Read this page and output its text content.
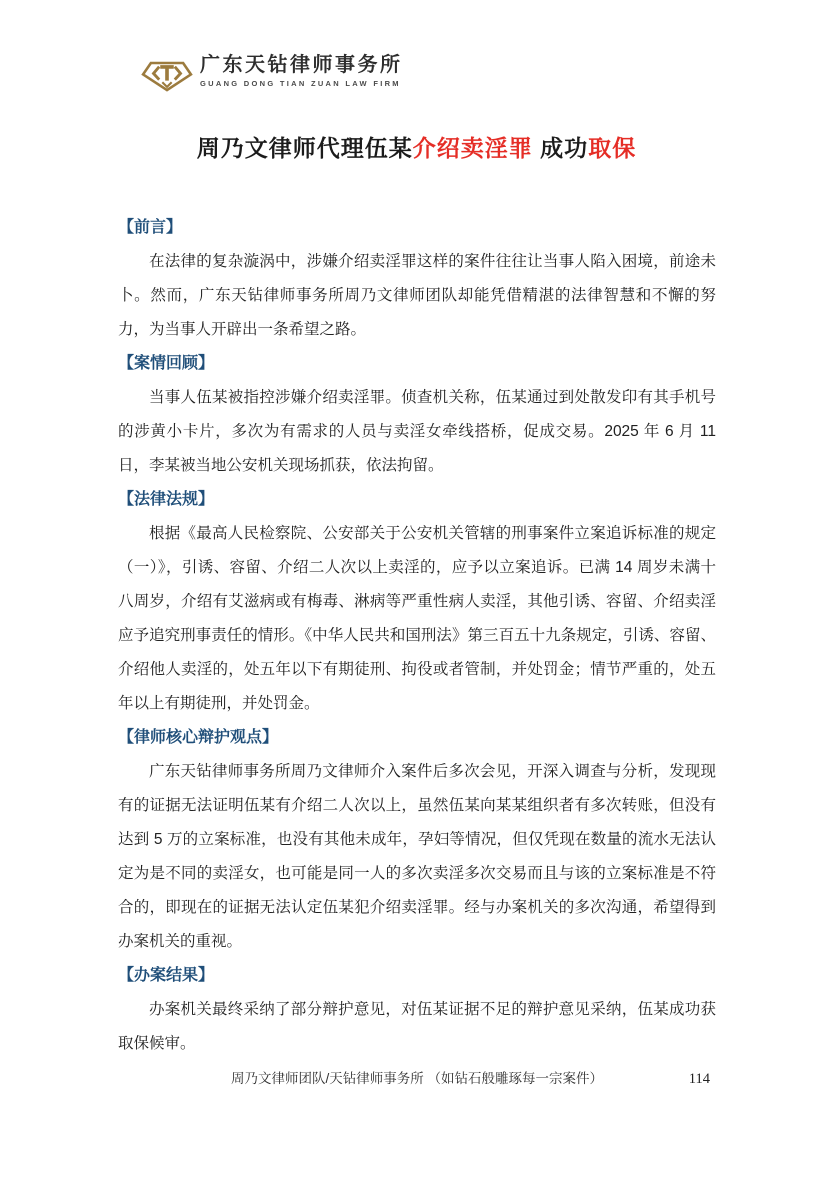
广东天钻律师事务所
GUANG DONG TIAN ZUAN LAW FIRM
周乃文律师代理伍某介绍卖淫罪 成功取保
【前言】

在法律的复杂漩涡中，涉嫌介绍卖淫罪这样的案件往往让当事人陷入困境，前途未卜。然而，广东天钻律师事务所周乃文律师团队却能凭借精湛的法律智慧和不懈的努力，为当事人开辟出一条希望之路。

【案情回顾】

当事人伍某被指控涉嫌介绍卖淫罪。侦查机关称，伍某通过到处散发印有其手机号的涉黄小卡片，多次为有需求的人员与卖淫女牵线搭桥，促成交易。2025 年 6 月 11 日，李某被当地公安机关现场抓获，依法拘留。

【法律法规】

根据《最高人民检察院、公安部关于公安机关管辖的刑事案件立案追诉标准的规定（一）》，引诱、容留、介绍二人次以上卖淫的，应予以立案追诉。已满 14 周岁未满十八周岁，介绍有艾滋病或有梅毒、淋病等严重性病人卖淫，其他引诱、容留、介绍卖淫应予追究刑事责任的情形。《中华人民共和国刑法》第三百五十九条规定，引诱、容留、介绍他人卖淫的，处五年以下有期徒刑、拘役或者管制，并处罚金；情节严重的，处五年以上有期徒刑，并处罚金。

【律师核心辩护观点】

广东天钻律师事务所周乃文律师介入案件后多次会见，开深入调查与分析，发现现有的证据无法证明伍某有介绍二人次以上，虽然伍某向某某组织者有多次转账，但没有达到 5 万的立案标准，也没有其他未成年，孕妇等情况，但仅凭现在数量的流水无法认定为是不同的卖淫女，也可能是同一人的多次卖淫多次交易而且与该的立案标准是不符合的，即现在的证据无法认定伍某犯介绍卖淫罪。经与办案机关的多次沟通，希望得到办案机关的重视。

【办案结果】

办案机关最终采纳了部分辩护意见，对伍某证据不足的辩护意见采纳，伍某成功获取保候审。

周乃文律师团队/天钻律师事务所 （如钻石般雕琢每一宗案件）	114
